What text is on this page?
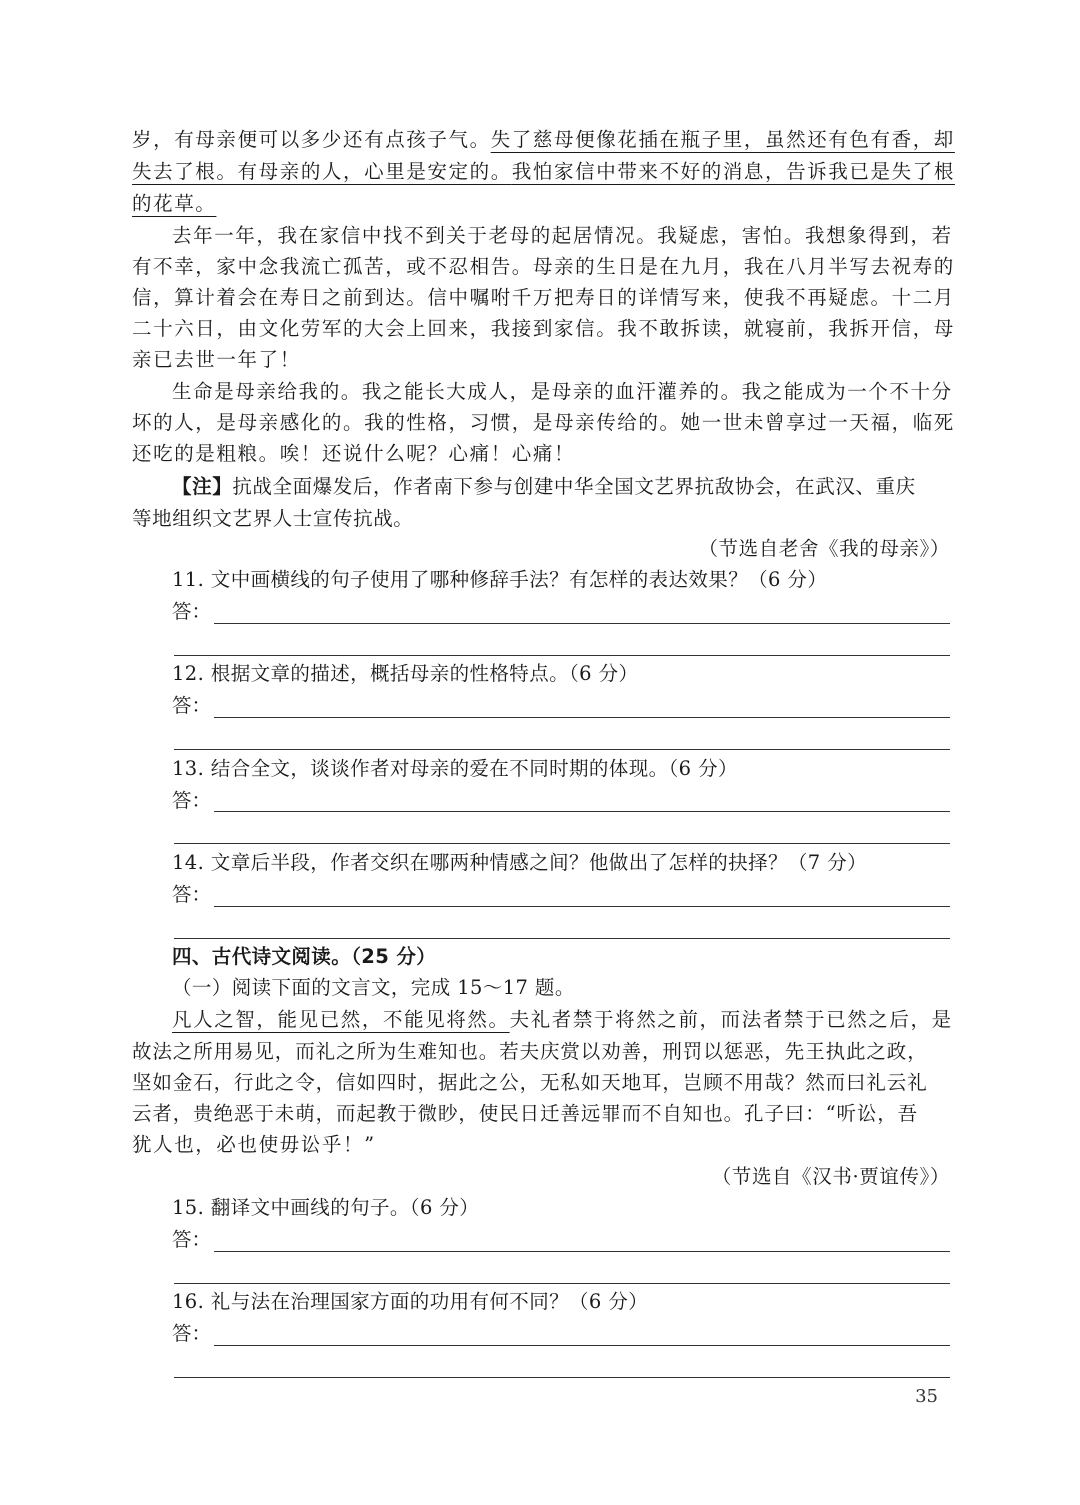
岁，有母亲便可以多少还有点孩子气。失了慈母便像花插在瓶子里，虽然还有色有香，却
失去了根。有母亲的人，心里是安定的。我怕家信中带来不好的消息，告诉我已是失了根
的花草。
去年一年，我在家信中找不到关于老母的起居情况。我疑虑，害怕。我想象得到，若
有不幸，家中念我流亡孤苦，或不忍相告。母亲的生日是在九月，我在八月半写去祝寿的
信，算计着会在寿日之前到达。信中嘱咐千万把寿日的详情写来，使我不再疑虑。十二月
二十六日，由文化劳军的大会上回来，我接到家信。我不敢拆读，就寝前，我拆开信，母
亲已去世一年了！
生命是母亲给我的。我之能长大成人，是母亲的血汗灌养的。我之能成为一个不十分
坏的人，是母亲感化的。我的性格，习惯，是母亲传给的。她一世未曾享过一天福，临死
还吃的是粗粮。唉！还说什么呢？心痛！心痛！
【注】抗战全面爆发后，作者南下参与创建中华全国文艺界抗敌协会，在武汉、重庆
等地组织文艺界人士宣传抗战。
（节选自老舍《我的母亲》）
11. 文中画横线的句子使用了哪种修辞手法？有怎样的表达效果？（6 分）
答：
12. 根据文章的描述，概括母亲的性格特点。（6 分）
答：
13. 结合全文，谈谈作者对母亲的爱在不同时期的体现。（6 分）
答：
14. 文章后半段，作者交织在哪两种情感之间？他做出了怎样的抉择？（7 分）
答：
四、古代诗文阅读。（25 分）
（一）阅读下面的文言文，完成 15～17 题。
凡人之智，能见已然，不能见将然。夫礼者禁于将然之前，而法者禁于已然之后，是
故法之所用易见，而礼之所为生难知也。若夫庆赏以劝善，刑罚以惩恶，先王执此之政，
坚如金石，行此之令，信如四时，据此之公，无私如天地耳，岂顾不用哉？然而曰礼云礼
云者，贵绝恶于未萌，而起教于微眇，使民日迁善远罪而不自知也。孔子曰：“听讼，吾
犹人也，必也使毋讼乎！”
（节选自《汉书·贾谊传》）
15. 翻译文中画线的句子。（6 分）
答：
16. 礼与法在治理国家方面的功用有何不同？（6 分）
答：
35
